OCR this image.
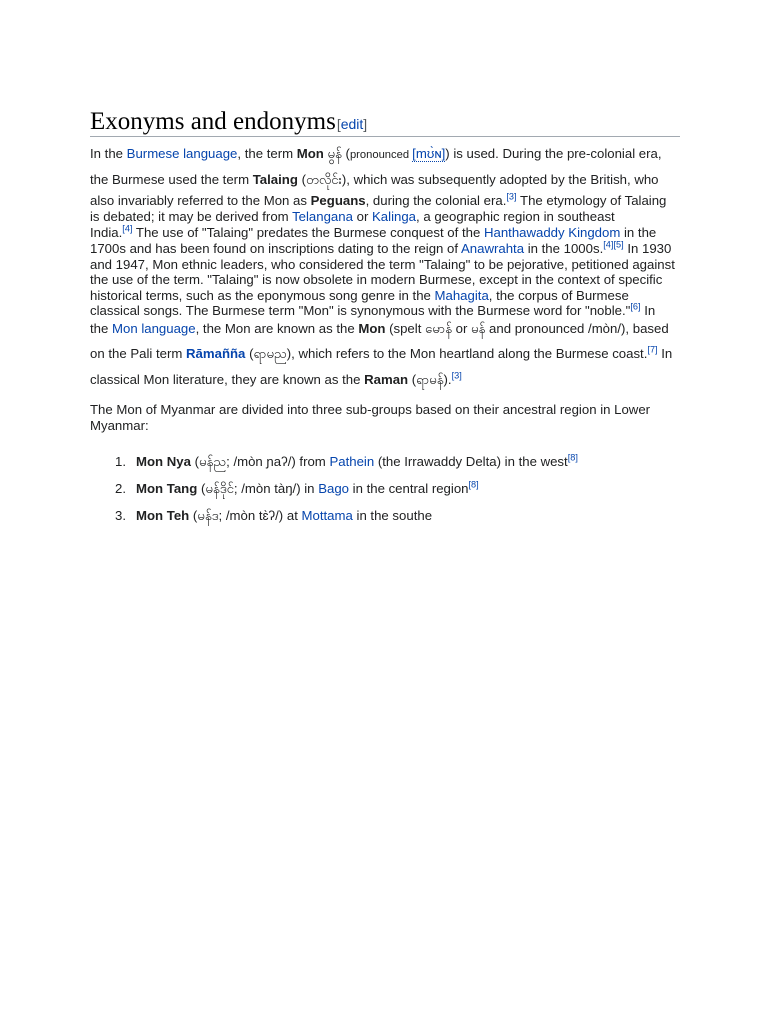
Exonyms and endonyms[edit]
In the Burmese language, the term Mon မွန် (pronounced [mʊ̀ɴ]) is used. During the pre-colonial era,
the Burmese used the term Talaing (တလိုင်း), which was subsequently adopted by the British, who
also invariably referred to the Mon as Peguans, during the colonial era.[3] The etymology of Talaing
is debated; it may be derived from Telangana or Kalinga, a geographic region in southeast
India.[4] The use of "Talaing" predates the Burmese conquest of the Hanthawaddy Kingdom in the
1700s and has been found on inscriptions dating to the reign of Anawrahta in the 1000s.[4][5] In 1930
and 1947, Mon ethnic leaders, who considered the term "Talaing" to be pejorative, petitioned against
the use of the term. "Talaing" is now obsolete in modern Burmese, except in the context of specific
historical terms, such as the eponymous song genre in the Mahagita, the corpus of Burmese
classical songs. The Burmese term "Mon" is synonymous with the Burmese word for "noble."[6] In
the Mon language, the Mon are known as the Mon (spelt မောန် or မန် and pronounced /mòn/), based
on the Pali term Rāmañña (ရာမည), which refers to the Mon heartland along the Burmese coast.[7] In
classical Mon literature, they are known as the Raman (ရာမန်).[3]
The Mon of Myanmar are divided into three sub-groups based on their ancestral region in Lower
Myanmar:
1. Mon Nya (မန်ည; /mòn ɲaʔ/) from Pathein (the Irrawaddy Delta) in the west[8]
2. Mon Tang (မန်ဒိုင်; /mòn tàŋ/) in Bago in the central region[8]
3. Mon Teh (မန်ဒ; /mòn tɛ̀ʔ/) at Mottama in the southe
